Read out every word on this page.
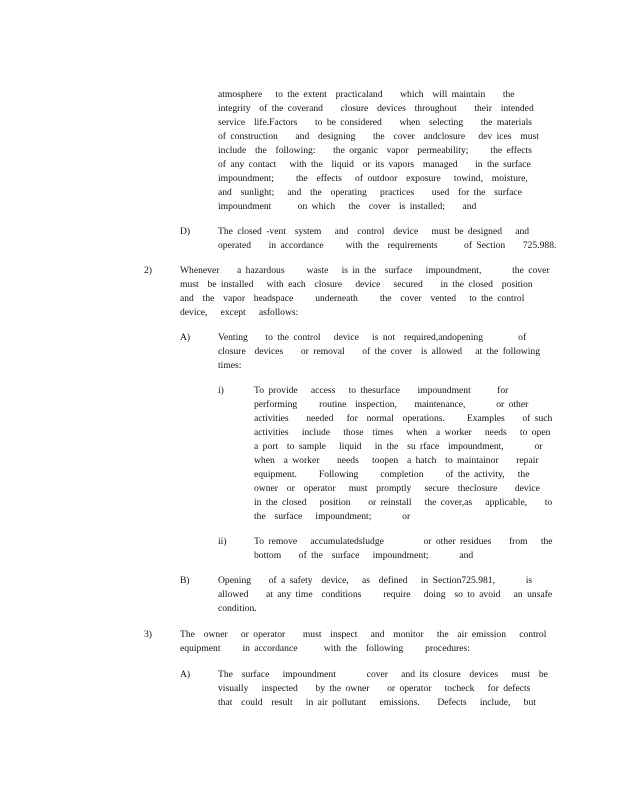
atmosphere   to the extent  practicaland    which  will maintain    the
integrity  of the coverand    closure  devices  throughout    their  intended
service  life.Factors    to be considered    when  selecting    the materials
of construction    and  designing    the  cover  andclosure   dev ices  must
include  the  following:    the organic  vapor  permeability;     the effects
of any contact   with the  liquid  or its vapors  managed    in the surface
impoundment;     the  effects   of outdoor  exposure   towind,  moisture,
and  sunlight;   and  the  operating   practices    used  for the  surface
impoundment      on which   the  cover  is installed;    and
D)	The closed -vent  system   and  control  device   must be designed   and
operated    in accordance     with the  requirements      of Section    725.988.
2)	Whenever    a hazardous     waste   is in the  surface   impoundment,       the cover
must  be installed   with each  closure   device   secured    in the closed  position
and  the  vapor  headspace     underneath     the  cover  vented   to the control
device,   except   asfollows:
A)	Venting    to the control   device   is not  required,andopening        of
closure  devices    or removal    of the cover  is allowed   at the following
times:
i)	To provide   access   to thesurface    impoundment      for
performing     routine  inspection,    maintenance,       or other
activities    needed   for  normal  operations.     Examples    of such
activities   include   those  times   when  a worker   needs   to open
a port  to sample   liquid   in the  su rface  impoundment,       or
when  a worker    needs   toopen  a hatch  to maintainor    repair
equipment.     Following     completion     of the activity,   the
owner  or  operator   must  promptly   secure  theclosure    device
in the closed   position    or reinstall   the cover,as   applicable,    to
the  surface   impoundment;       or
ii)	To remove   accumulatedsludge         or other residues    from   the
bottom    of the  surface   impoundment;       and
B)	Opening    of a safety  device,   as  defined   in Section725.981,       is
allowed    at any time  conditions     require   doing  so to avoid   an unsafe
condition.
3)	The  owner   or operator    must  inspect   and  monitor   the  air emission   control
equipment     in accordance      with the  following     procedures:
A)	The  surface   impoundment       cover   and its closure  devices   must  be
visually   inspected    by the owner    or operator   tocheck   for defects
that  could  result   in air pollutant   emissions.    Defects   include,   but
